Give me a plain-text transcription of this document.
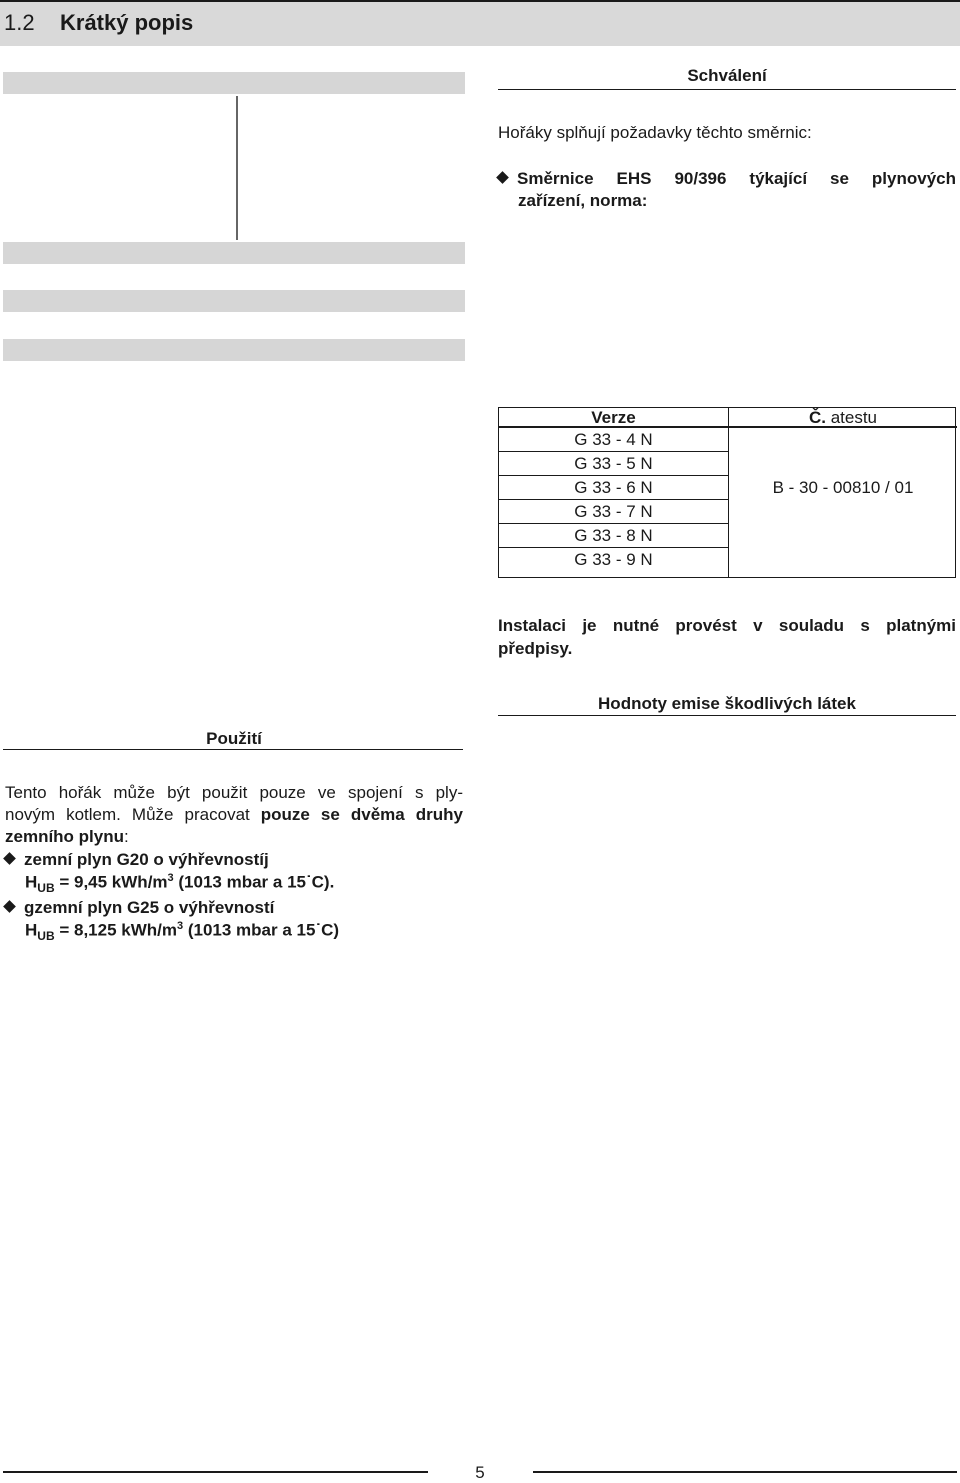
1.2 Krátký popis
Schválení
Hořáky splňují požadavky těchto směrnic:
Směrnice EHS 90/396 týkající se plynových
zařízení, norma:
Verze
G 33 - 4 N
G 33 - 5 N
G 33 - 6 N
G 33 - 7 N
G 33 - 8 N
G 33 - 9 N
Č. atestu
B - 30 - 00810 / 01
Instalaci je nutné provést v souladu s platnými
předpisy.
Hodnoty emise škodlivých látek
Použití
Tento hořák může být použit pouze ve spojení s ply-
novým kotlem. Může pracovat pouze se dvěma druhy
zemního plynu:
zemní plyn G20 o výhřevnostíj
$H_{UB} = 9,45$ kWh/$m^3$ (1013 mbar a 15˙C).
gzemní plyn G25 o výhřevností
$H_{UB} = 8,125$ kWh/$m^3$ (1013 mbar a 15˙C)
5
